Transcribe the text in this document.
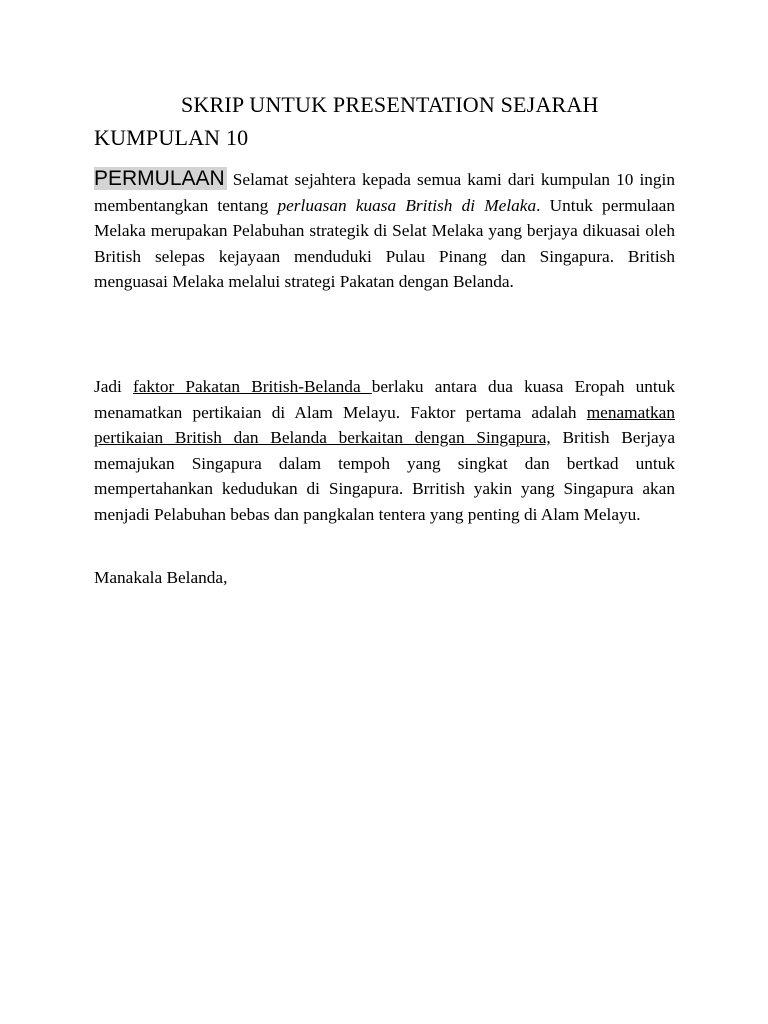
SKRIP UNTUK PRESENTATION SEJARAH
KUMPULAN 10

PERMULAAN Selamat sejahtera kepada semua kami dari kumpulan 10 ingin membentangkan tentang perluasan kuasa British di Melaka. Untuk permulaan Melaka merupakan Pelabuhan strategik di Selat Melaka yang berjaya dikuasai oleh British selepas kejayaan menduduki Pulau Pinang dan Singapura. British menguasai Melaka melalui strategi Pakatan dengan Belanda.

Jadi faktor Pakatan British-Belanda berlaku antara dua kuasa Eropah untuk menamatkan pertikaian di Alam Melayu. Faktor pertama adalah menamatkan pertikaian British dan Belanda berkaitan dengan Singapura, British Berjaya memajukan Singapura dalam tempoh yang singkat dan bertkad untuk mempertahankan kedudukan di Singapura. Brritish yakin yang Singapura akan menjadi Pelabuhan bebas dan pangkalan tentera yang penting di Alam Melayu.

Manakala Belanda,
